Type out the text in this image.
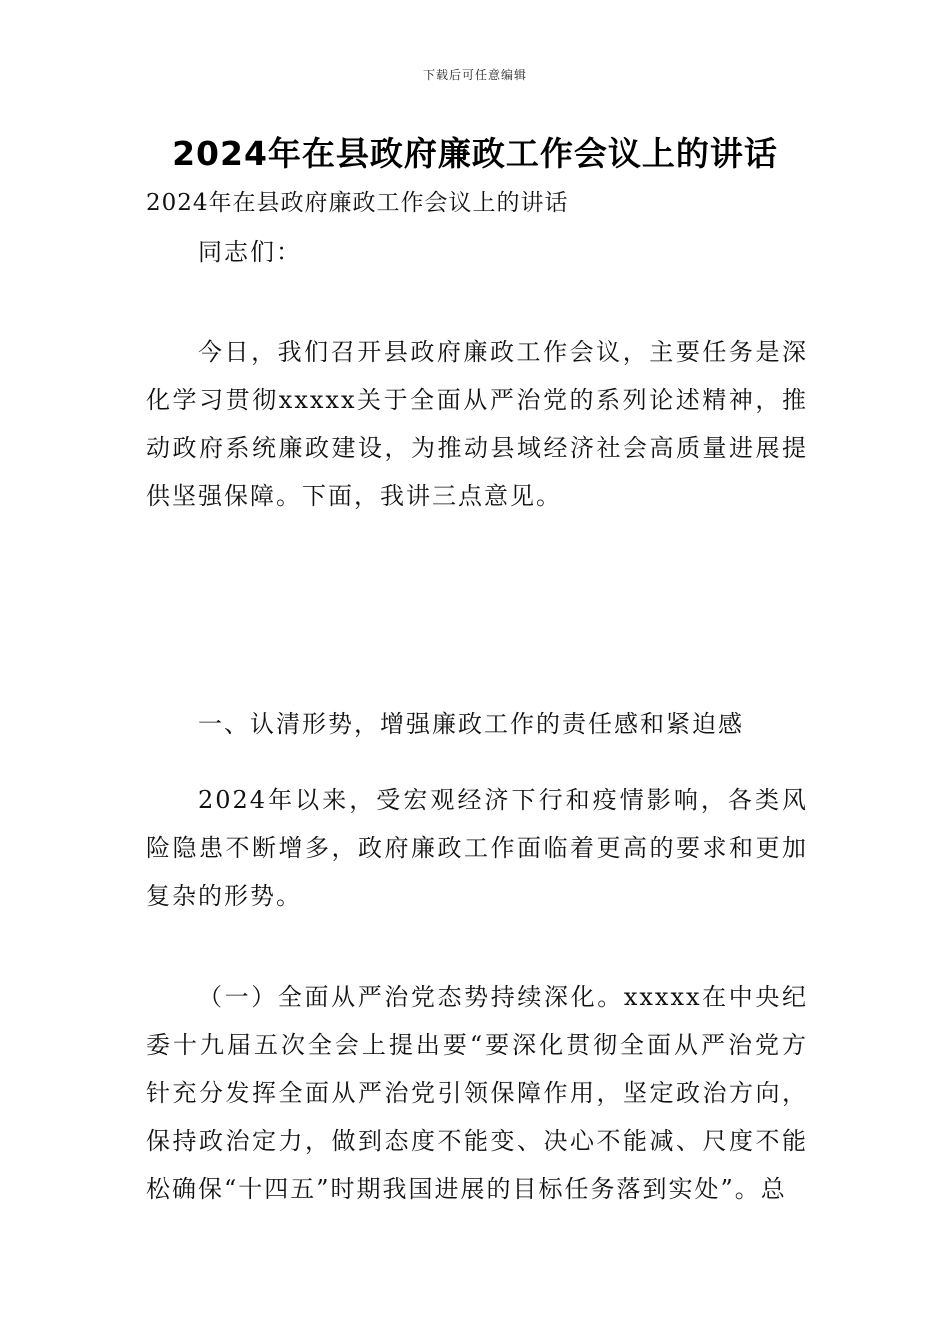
下载后可任意编辑
2024年在县政府廉政工作会议上的讲话
2024年在县政府廉政工作会议上的讲话

同志们：

今日，我们召开县政府廉政工作会议，主要任务是深化学习贯彻xxxxx关于全面从严治党的系列论述精神，推动政府系统廉政建设，为推动县域经济社会高质量进展提供坚强保障。下面，我讲三点意见。

一、认清形势，增强廉政工作的责任感和紧迫感

2024年以来，受宏观经济下行和疫情影响，各类风险隐患不断增多，政府廉政工作面临着更高的要求和更加复杂的形势。

（一）全面从严治党态势持续深化。xxxxx在中央纪委十九届五次全会上提出要“要深化贯彻全面从严治党方针充分发挥全面从严治党引领保障作用，坚定政治方向，保持政治定力，做到态度不能变、决心不能减、尺度不能松确保“十四五”时期我国进展的目标任务落到实处”。总
